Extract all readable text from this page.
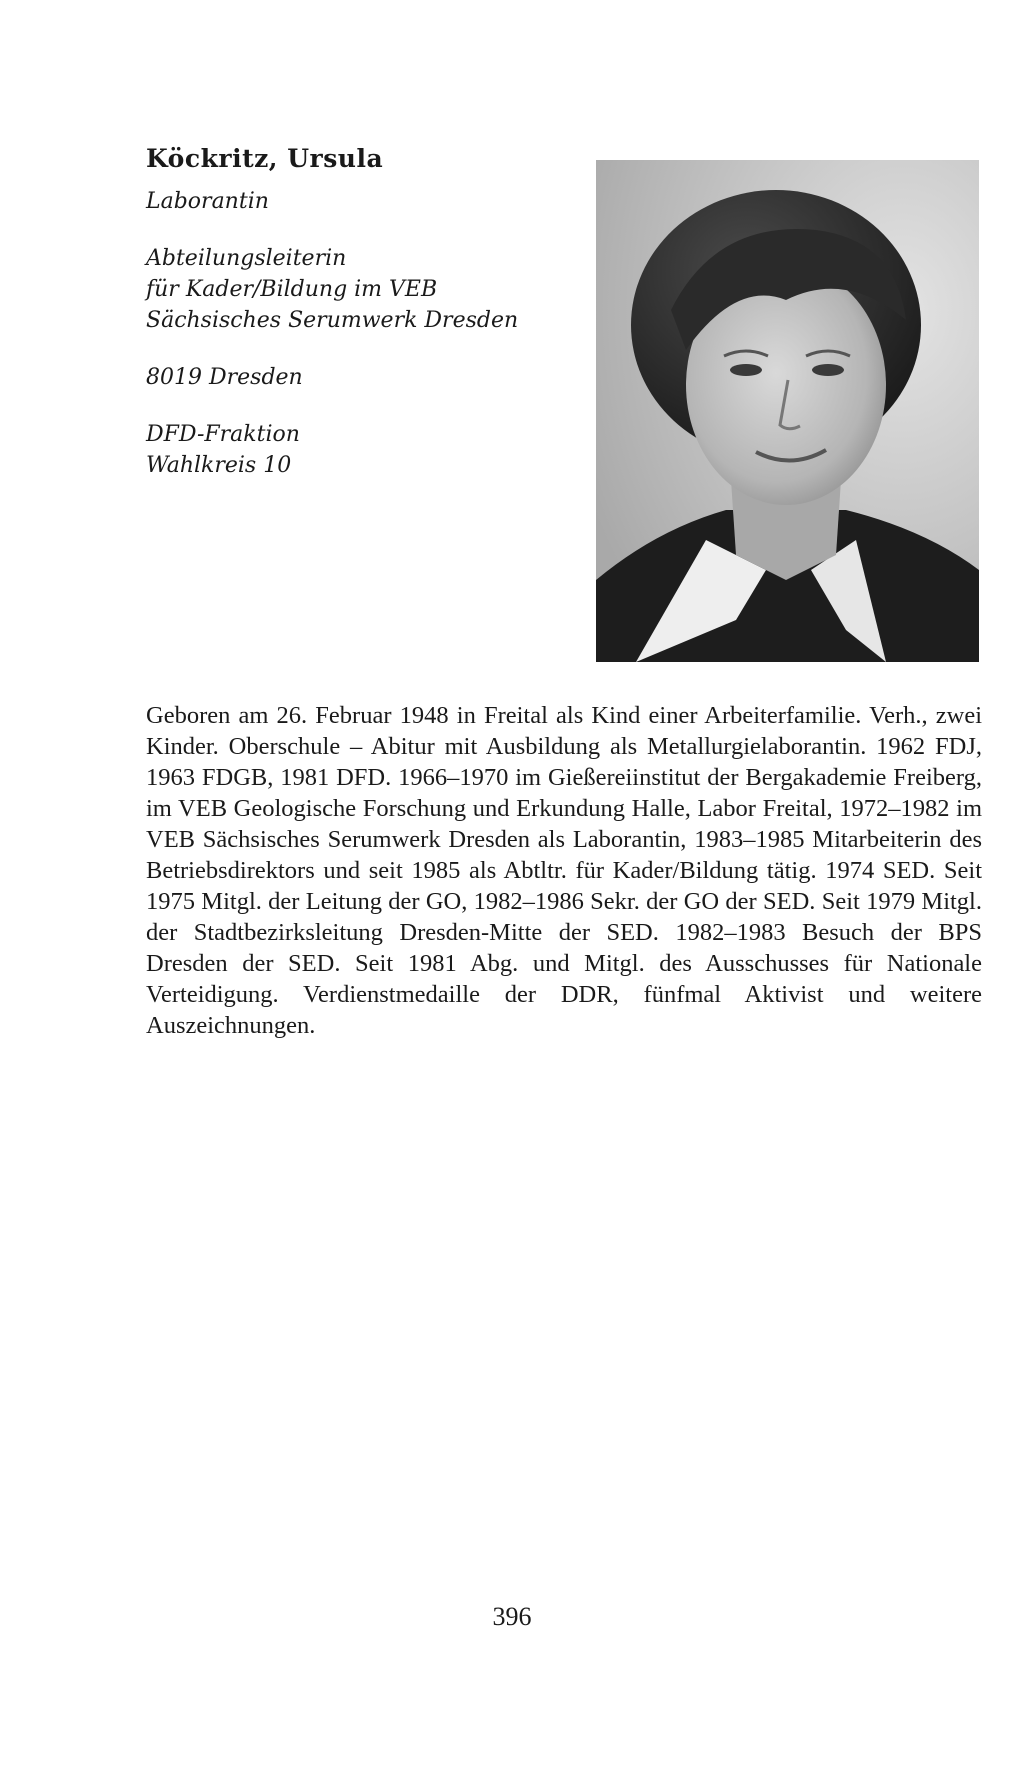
Köckritz, Ursula

Laborantin

Abteilungsleiterin

für Kader/Bildung im VEB

Sächsisches Serumwerk Dresden

8019 Dresden

DFD-Fraktion

Wahlkreis 10

Geboren am 26. Februar 1948 in Freital als Kind einer Arbeiterfamilie. Verh., zwei Kinder. Oberschule – Abitur mit Ausbildung als Metallurgielaborantin. 1962 FDJ, 1963 FDGB, 1981 DFD. 1966–1970 im Gießereiinstitut der Bergakademie Freiberg, im VEB Geologische Forschung und Erkundung Halle, Labor Freital, 1972–1982 im VEB Sächsisches Serumwerk Dresden als Laborantin, 1983–1985 Mitarbeiterin des Betriebsdirektors und seit 1985 als Abtltr. für Kader/Bildung tätig. 1974 SED. Seit 1975 Mitgl. der Leitung der GO, 1982–1986 Sekr. der GO der SED. Seit 1979 Mitgl. der Stadtbezirksleitung Dresden-Mitte der SED. 1982–1983 Besuch der BPS Dresden der SED. Seit 1981 Abg. und Mitgl. des Ausschusses für Nationale Verteidigung. Verdienstmedaille der DDR, fünfmal Aktivist und weitere Auszeichnungen.

396
